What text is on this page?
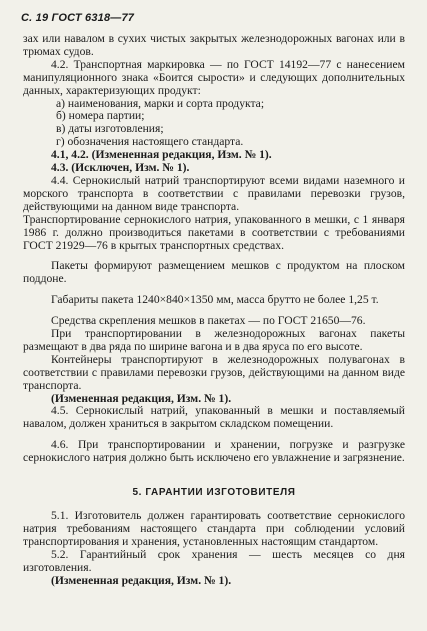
С. 19 ГОСТ 6318—77

зах или навалом в сухих чистых закрытых железнодорожных вагонах или в трюмах судов.

4.2. Транспортная маркировка — по ГОСТ 14192—77 с нанесением манипуляционного знака «Боится сырости» и следующих дополнительных данных, характеризующих продукт:

а) наименования, марки и сорта продукта;

б) номера партии;

в) даты изготовления;

г) обозначения настоящего стандарта.

4.1, 4.2. (Измененная редакция, Изм. № 1).

4.3. (Исключен, Изм. № 1).

4.4. Сернокислый натрий транспортируют всеми видами наземного и морского транспорта в соответствии с правилами перевозки грузов, действующими на данном виде транспорта.

Транспортирование сернокислого натрия, упакованного в мешки, с 1 января 1986 г. должно производиться пакетами в соответствии с требованиями ГОСТ 21929—76 в крытых транспортных средствах.

Пакеты формируют размещением мешков с продуктом на плоском поддоне.

Габариты пакета 1240×840×1350 мм, масса брутто не более 1,25 т.

Средства скрепления мешков в пакетах — по ГОСТ 21650—76.

При транспортировании в железнодорожных вагонах пакеты размещают в два ряда по ширине вагона и в два яруса по его высоте.

Контейнеры транспортируют в железнодорожных полувагонах в соответствии с правилами перевозки грузов, действующими на данном виде транспорта.

(Измененная редакция, Изм. № 1).

4.5. Сернокислый натрий, упакованный в мешки и поставляемый навалом, должен храниться в закрытом складском помещении.

4.6. При транспортировании и хранении, погрузке и разгрузке сернокислого натрия должно быть исключено его увлажнение и загрязнение.

5. ГАРАНТИИ ИЗГОТОВИТЕЛЯ

5.1. Изготовитель должен гарантировать соответствие сернокислого натрия требованиям настоящего стандарта при соблюдении условий транспортирования и хранения, установленных настоящим стандартом.

5.2. Гарантийный срок хранения — шесть месяцев со дня изготовления.

(Измененная редакция, Изм. № 1).
